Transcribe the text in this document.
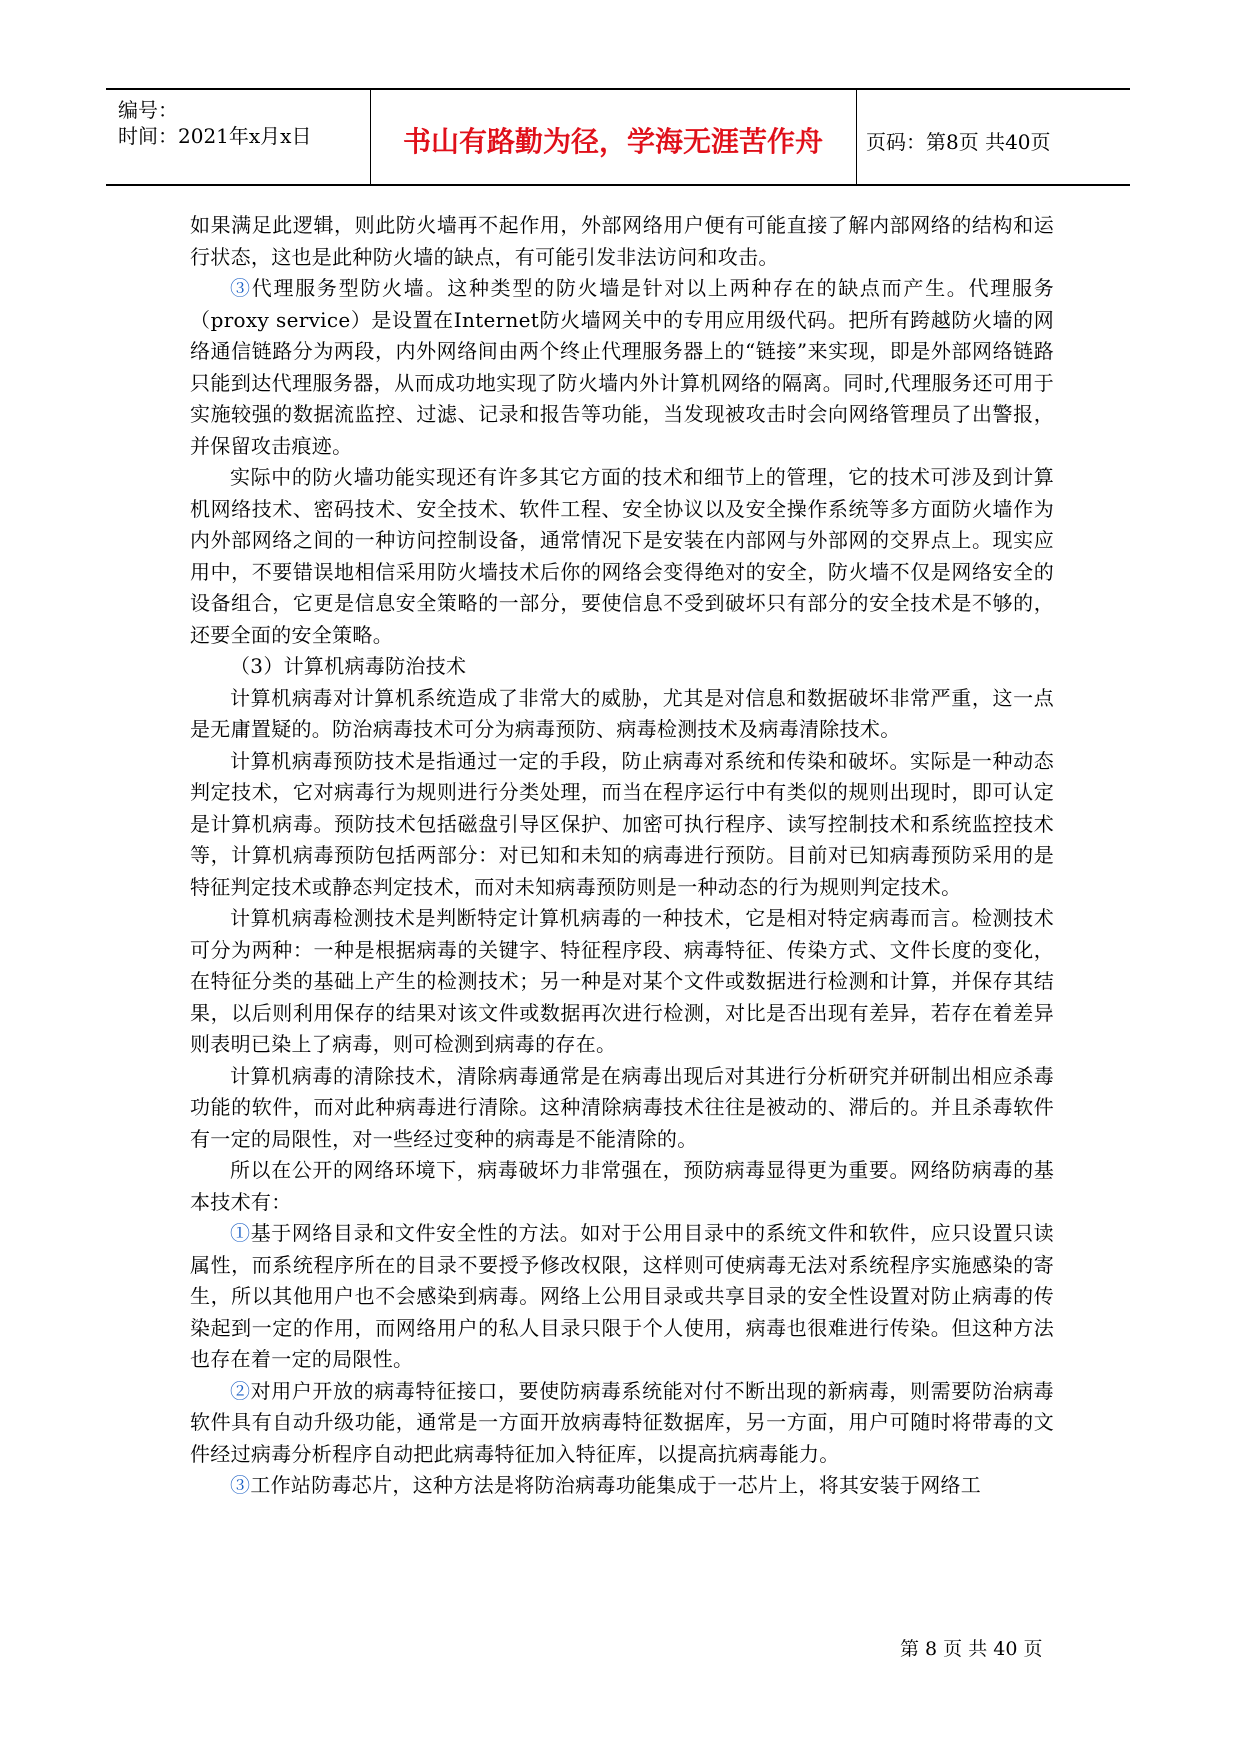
编号：
时间：2021年x月x日	书山有路勤为径，学海无涯苦作舟	页码：第8页 共40页

如果满足此逻辑，则此防火墙再不起作用，外部网络用户便有可能直接了解内部网络的结构和运行状态，这也是此种防火墙的缺点，有可能引发非法访问和攻击。

③代理服务型防火墙。这种类型的防火墙是针对以上两种存在的缺点而产生。代理服务（proxy service）是设置在Internet防火墙网关中的专用应用级代码。把所有跨越防火墙的网络通信链路分为两段，内外网络间由两个终止代理服务器上的“链接”来实现，即是外部网络链路只能到达代理服务器，从而成功地实现了防火墙内外计算机网络的隔离。同时,代理服务还可用于实施较强的数据流监控、过滤、记录和报告等功能，当发现被攻击时会向网络管理员了出警报，并保留攻击痕迹。

实际中的防火墙功能实现还有许多其它方面的技术和细节上的管理，它的技术可涉及到计算机网络技术、密码技术、安全技术、软件工程、安全协议以及安全操作系统等多方面防火墙作为内外部网络之间的一种访问控制设备，通常情况下是安装在内部网与外部网的交界点上。现实应用中，不要错误地相信采用防火墙技术后你的网络会变得绝对的安全，防火墙不仅是网络安全的设备组合，它更是信息安全策略的一部分，要使信息不受到破坏只有部分的安全技术是不够的，还要全面的安全策略。

（3）计算机病毒防治技术

计算机病毒对计算机系统造成了非常大的威胁，尤其是对信息和数据破坏非常严重，这一点是无庸置疑的。防治病毒技术可分为病毒预防、病毒检测技术及病毒清除技术。

计算机病毒预防技术是指通过一定的手段，防止病毒对系统和传染和破坏。实际是一种动态判定技术，它对病毒行为规则进行分类处理，而当在程序运行中有类似的规则出现时，即可认定是计算机病毒。预防技术包括磁盘引导区保护、加密可执行程序、读写控制技术和系统监控技术等，计算机病毒预防包括两部分：对已知和未知的病毒进行预防。目前对已知病毒预防采用的是特征判定技术或静态判定技术，而对未知病毒预防则是一种动态的行为规则判定技术。

计算机病毒检测技术是判断特定计算机病毒的一种技术，它是相对特定病毒而言。检测技术可分为两种：一种是根据病毒的关键字、特征程序段、病毒特征、传染方式、文件长度的变化，在特征分类的基础上产生的检测技术；另一种是对某个文件或数据进行检测和计算，并保存其结果，以后则利用保存的结果对该文件或数据再次进行检测，对比是否出现有差异，若存在着差异则表明已染上了病毒，则可检测到病毒的存在。

计算机病毒的清除技术，清除病毒通常是在病毒出现后对其进行分析研究并研制出相应杀毒功能的软件，而对此种病毒进行清除。这种清除病毒技术往往是被动的、滞后的。并且杀毒软件有一定的局限性，对一些经过变种的病毒是不能清除的。

所以在公开的网络环境下，病毒破坏力非常强在，预防病毒显得更为重要。网络防病毒的基本技术有：

①基于网络目录和文件安全性的方法。如对于公用目录中的系统文件和软件，应只设置只读属性，而系统程序所在的目录不要授予修改权限，这样则可使病毒无法对系统程序实施感染的寄生，所以其他用户也不会感染到病毒。网络上公用目录或共享目录的安全性设置对防止病毒的传染起到一定的作用，而网络用户的私人目录只限于个人使用，病毒也很难进行传染。但这种方法也存在着一定的局限性。

②对用户开放的病毒特征接口，要使防病毒系统能对付不断出现的新病毒，则需要防治病毒软件具有自动升级功能，通常是一方面开放病毒特征数据库，另一方面，用户可随时将带毒的文件经过病毒分析程序自动把此病毒特征加入特征库，以提高抗病毒能力。

③工作站防毒芯片，这种方法是将防治病毒功能集成于一芯片上，将其安装于网络工

第 8 页 共 40 页
